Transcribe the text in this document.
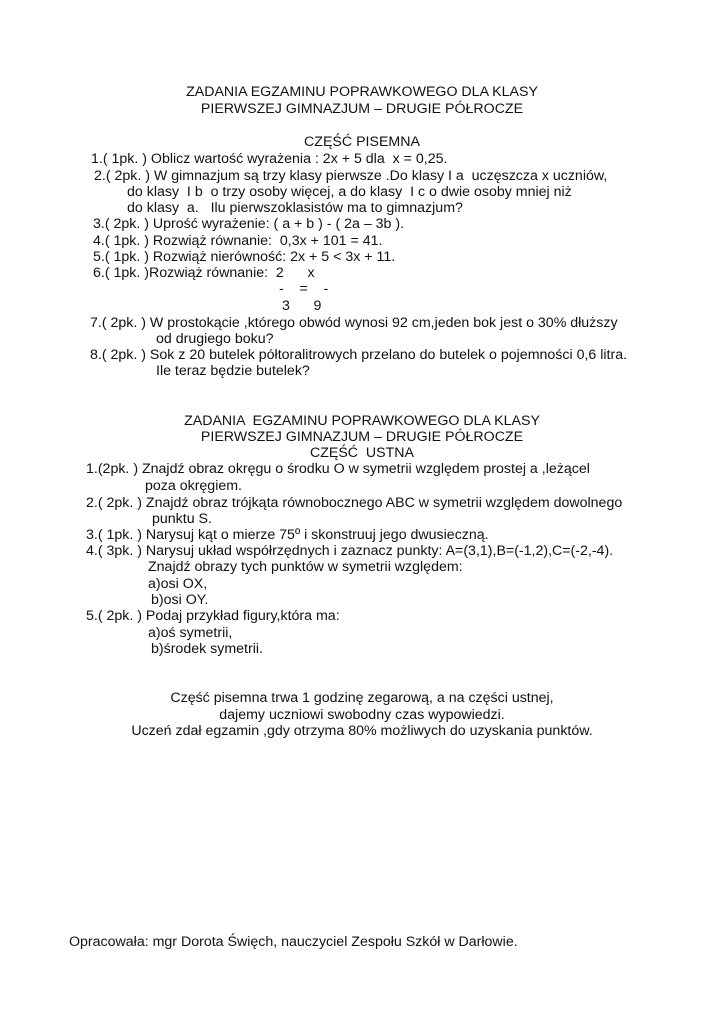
ZADANIA EGZAMINU POPRAWKOWEGO DLA KLASY
PIERWSZEJ GIMNAZJUM – DRUGIE PÓŁROCZE
CZĘŚĆ PISEMNA
1.( 1pk. ) Oblicz wartość wyrażenia : 2x + 5 dla  x = 0,25.
2.( 2pk. ) W gimnazjum są trzy klasy pierwsze .Do klasy I a  uczęszcza x uczniów,
do klasy  I b  o trzy osoby więcej, a do klasy  I c o dwie osoby mniej niż
do klasy  a.   Ilu pierwszoklasistów ma to gimnazjum?
3.( 2pk. ) Uprość wyrażenie: ( a + b ) - ( 2a – 3b ).
4.( 1pk. ) Rozwiąż równanie:  0,3x + 101 = 41.
5.( 1pk. ) Rozwiąż nierówność: 2x + 5 < 3x + 11.
6.( 1pk. )Rozwiąż równanie:  2      x
-    =    -
3      9
7.( 2pk. ) W prostokącie ,którego obwód wynosi 92 cm,jeden bok jest o 30% dłuższy
od drugiego boku?
8.( 2pk. ) Sok z 20 butelek półtoralitrowych przelano do butelek o pojemności 0,6 litra.
Ile teraz będzie butelek?
ZADANIA  EGZAMINU POPRAWKOWEGO DLA KLASY
PIERWSZEJ GIMNAZJUM – DRUGIE PÓŁROCZE
CZĘŚĆ  USTNA
1.(2pk. ) Znajdź obraz okręgu o środku O w symetrii względem prostej a ,leżącel
poza okręgiem.
2.( 2pk. ) Znajdź obraz trójkąta równobocznego ABC w symetrii względem dowolnego
punktu S.
3.( 1pk. ) Narysuj kąt o mierze 75º i skonstruuj jego dwusieczną.
4.( 3pk. ) Narysuj układ współrzędnych i zaznacz punkty: A=(3,1),B=(-1,2),C=(-2,-4).
Znajdź obrazy tych punktów w symetrii względem:
a)osi OX,
b)osi OY.
5.( 2pk. ) Podaj przykład figury,która ma:
a)oś symetrii,
b)środek symetrii.
Część pisemna trwa 1 godzinę zegarową, a na części ustnej,
dajemy uczniowi swobodny czas wypowiedzi.
Uczeń zdał egzamin ,gdy otrzyma 80% możliwych do uzyskania punktów.
Opracowała: mgr Dorota Święch, nauczyciel Zespołu Szkół w Darłowie.
